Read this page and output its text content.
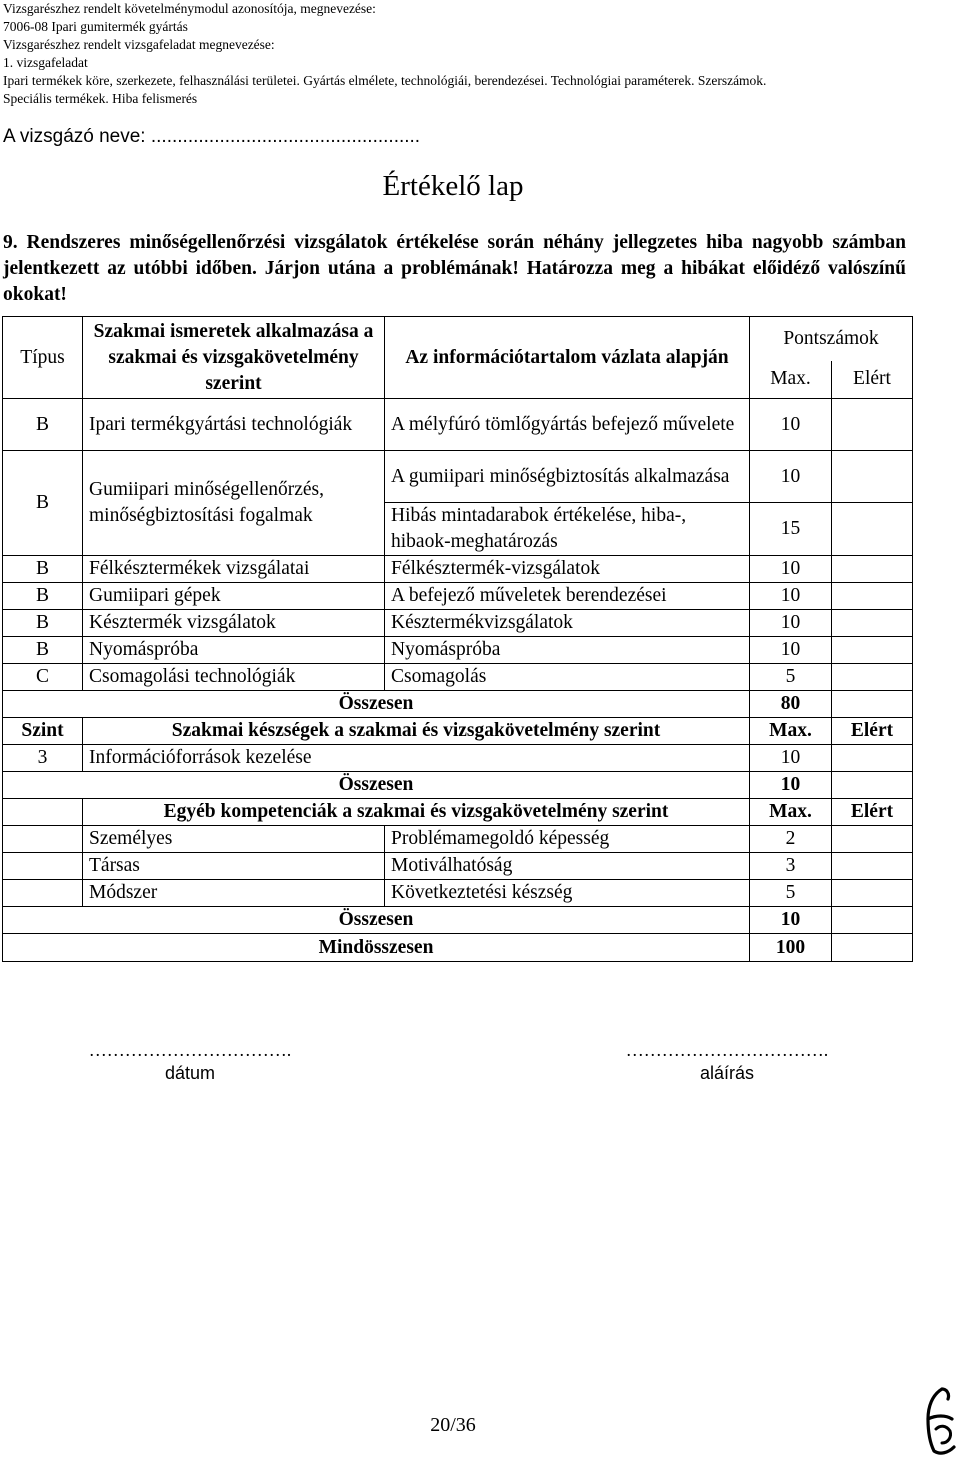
Vizsgarészhez rendelt követelménymodul azonosítója, megnevezése:
7006-08 Ipari gumitermék gyártás
Vizsgarészhez rendelt vizsgafeladat megnevezése:
1. vizsgafeladat
Ipari termékek köre, szerkezete, felhasználási területei. Gyártás elmélete, technológiái, berendezései. Technológiai paraméterek. Szerszámok.
Speciális termékek. Hiba felismerés
A vizsgázó neve: ...................................................
Értékelő lap
9. Rendszeres minőségellenőrzési vizsgálatok értékelése során néhány jellegzetes hiba nagyobb számban jelentkezett az utóbbi időben. Járjon utána a problémának! Határozza meg a hibákat előidéző valószínű okokat!
Típus	Szakmai ismeretek alkalmazása a szakmai és vizsgakövetelmény szerint	Az információtartalom vázlata alapján	Pontszámok	
			Max.	Elért
B	Ipari termékgyártási technológiák	A mélyfúró tömlőgyártás befejező művelete	10	
B	Gumiipari minőségellenőrzés, minőségbiztosítási fogalmak	A gumiipari minőségbiztosítás alkalmazása	10	
		Hibás mintadarabok értékelése, hiba-, hibaok-meghatározás	15	
B	Félkésztermékek vizsgálatai	Félkésztermék-vizsgálatok	10	
B	Gumiipari gépek	A befejező műveletek berendezései	10	
B	Késztermék vizsgálatok	Késztermékvizsgálatok	10	
B	Nyomáspróba	Nyomáspróba	10	
C	Csomagolási technológiák	Csomagolás	5	
Összesen			80	
Szint	Szakmai készségek a szakmai és vizsgakövetelmény szerint		Max.	Elért
3	Információforrások kezelése		10	
Összesen			10	
	Egyéb kompetenciák a szakmai és vizsgakövetelmény szerint		Max.	Elért
	Személyes	Problémamegoldó képesség	2	
	Társas	Motiválhatóság	3	
	Módszer	Következtetési készség	5	
Összesen			10	
Mindösszesen			100	
…………………………….
dátum
…………………………….
aláírás
20/36
